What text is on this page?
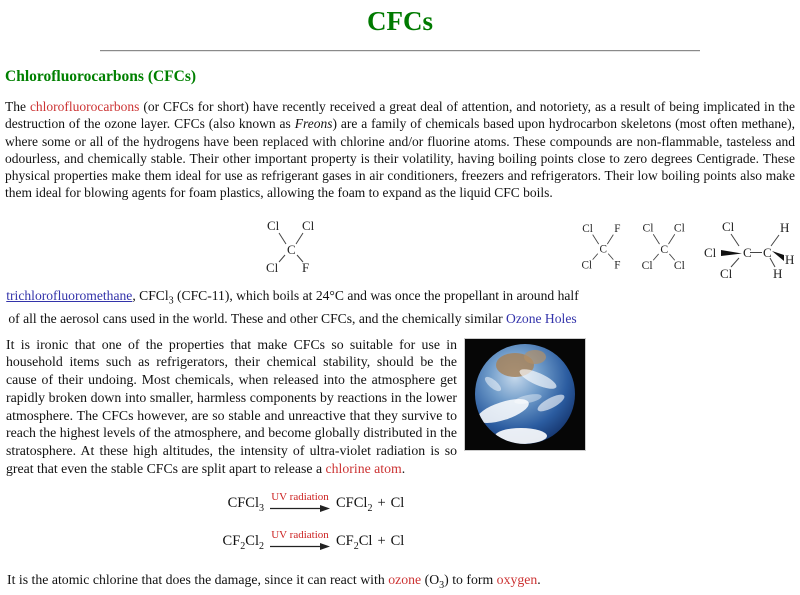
CFCs
Chlorofluorocarbons (CFCs)

The chlorofluorocarbons (or CFCs for short) have recently received a great deal of attention, and notoriety, as a result of being implicated in the destruction of the ozone layer. CFCs (also known as Freons) are a family of chemicals based upon hydrocarbon skeletons (most often methane), where some or all of the hydrogens have been replaced with chlorine and/or fluorine atoms. These compounds are non-flammable, tasteless and odourless, and chemically stable. Their other important property is their volatility, having boiling points close to zero degrees Centigrade. These physical properties make them ideal for use as refrigerant gases in air conditioners, freezers and refrigerators. Their low boiling points also make them ideal for blowing agents for foam plastics, allowing the foam to expand as the liquid CFC boils.

Cl Cl
C
Cl F
Cl F
C
Cl F
Cl Cl
C
Cl Cl
Cl
Cl
Cl
C C
H
H
H
trichlorofluoromethane, CFCl$_3$ (CFC-11), which boils at 24°C and was once the propellant in around half of all the aerosol cans used in the world. These and other CFCs, and the chemically similar Ozone Holes
It is ironic that one of the properties that make CFCs so suitable for use in household items such as refrigerators, their chemical stability, should be the cause of their undoing. Most chemicals, when released into the atmosphere get rapidly broken down into smaller, harmless components by reactions in the lower atmosphere. The CFCs however, are so stable and unreactive that they survive to reach the highest levels of the atmosphere, and become globally distributed in the stratosphere. At these high altitudes, the intensity of ultra-violet radiation is so great that even the stable CFCs are split apart to release a chlorine atom.
CFCl$_3$
UV radiation CFCl$_2$ + Cl
$CF_2Cl_2$
UV radiation $CF_2Cl + Cl$

It is the atomic chlorine that does the damage, since it can react with ozone $(O_3)$ to form oxygen.
